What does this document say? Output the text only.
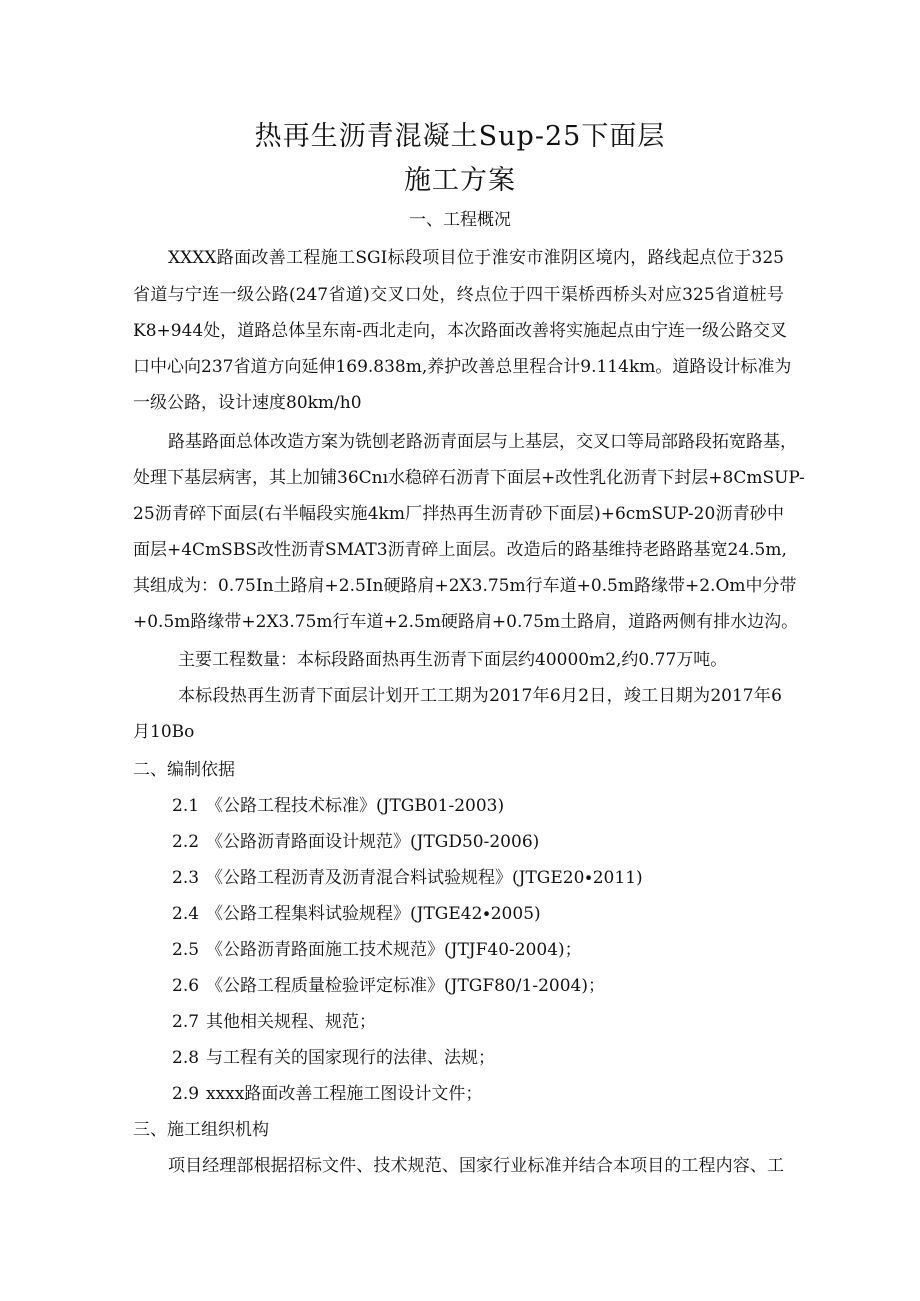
热再生沥青混凝土Sup-25下面层
施工方案
一、工程概况
XXXX路面改善工程施工SGI标段项目位于淮安市淮阴区境内，路线起点位于325
省道与宁连一级公路(247省道)交叉口处，终点位于四干渠桥西桥头对应325省道桩号
K8+944处，道路总体呈东南-西北走向，本次路面改善将实施起点由宁连一级公路交叉
口中心向237省道方向延伸169.838m,养护改善总里程合计9.114km。道路设计标准为
一级公路，设计速度80km∕h0
路基路面总体改造方案为铣刨老路沥青面层与上基层，交叉口等局部路段拓宽路基，
处理下基层病害，其上加铺36Cnı水稳碎石沥青下面层+改性乳化沥青下封层+8CmSUP-
25沥青碎下面层(右半幅段实施4km厂拌热再生沥青砂下面层)+6cmSUP-20沥青砂中
面层+4CmSBS改性沥青SMAT3沥青碎上面层。改造后的路基维持老路路基宽24.5m,
其组成为：0.75In土路肩+2.5In硬路肩+2X3.75m行车道+0.5m路缘带+2.Om中分带
+0.5m路缘带+2X3.75m行车道+2.5m硬路肩+0.75m土路肩，道路两侧有排水边沟。
主要工程数量：本标段路面热再生沥青下面层约40000m2,约0.77万吨。
本标段热再生沥青下面层计划开工工期为2017年6月2日，竣工日期为2017年6
月10Bo
二、编制依据
2.1 《公路工程技术标准》(JTGB01-2003)
2.2 《公路沥青路面设计规范》(JTGD50-2006)
2.3 《公路工程沥青及沥青混合料试验规程》(JTGE20∙2011)
2.4 《公路工程集料试验规程》(JTGE42∙2005)
2.5 《公路沥青路面施工技术规范》(JTJF40-2004)；
2.6 《公路工程质量检验评定标准》(JTGF80/1-2004)；
2.7 其他相关规程、规范；
2.8 与工程有关的国家现行的法律、法规；
2.9 xxxx路面改善工程施工图设计文件；
三、施工组织机构
项目经理部根据招标文件、技术规范、国家行业标准并结合本项目的工程内容、工
